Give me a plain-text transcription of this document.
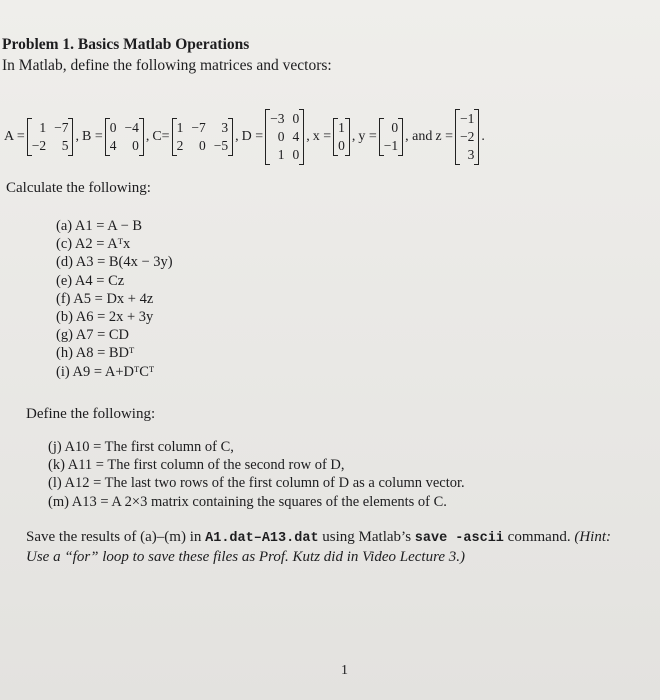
Problem 1. Basics Matlab Operations
In Matlab, define the following matrices and vectors:
A =
1 −7
−2	5
, B =
0 −4
4	0
, C=
1 −7	3
2	0 −5
, D =
−3 0
0 4
1 0
, x =
1
0
, y =
0
−1
, and z =
−1
−2
3
.
Calculate the following:
(a) A1 = A − B
(c) A2 = Aᵀx
(d) A3 = B(4x − 3y)
(e) A4 = Cz
(f) A5 = Dx + 4z
(b) A6 = 2x + 3y
(g) A7 = CD
(h) A8 = BDᵀ
(i) A9 = A+DᵀCᵀ
Define the following:
(j) A10 = The first column of C,
(k) A11 = The first column of the second row of D,
(l) A12 = The last two rows of the first column of D as a column vector.
(m) A13 = A 2×3 matrix containing the squares of the elements of C.
Save the results of (a)–(m) in A1.dat–A13.dat using Matlab’s save -ascii command. (Hint:
Use a “for” loop to save these files as Prof. Kutz did in Video Lecture 3.)
1
